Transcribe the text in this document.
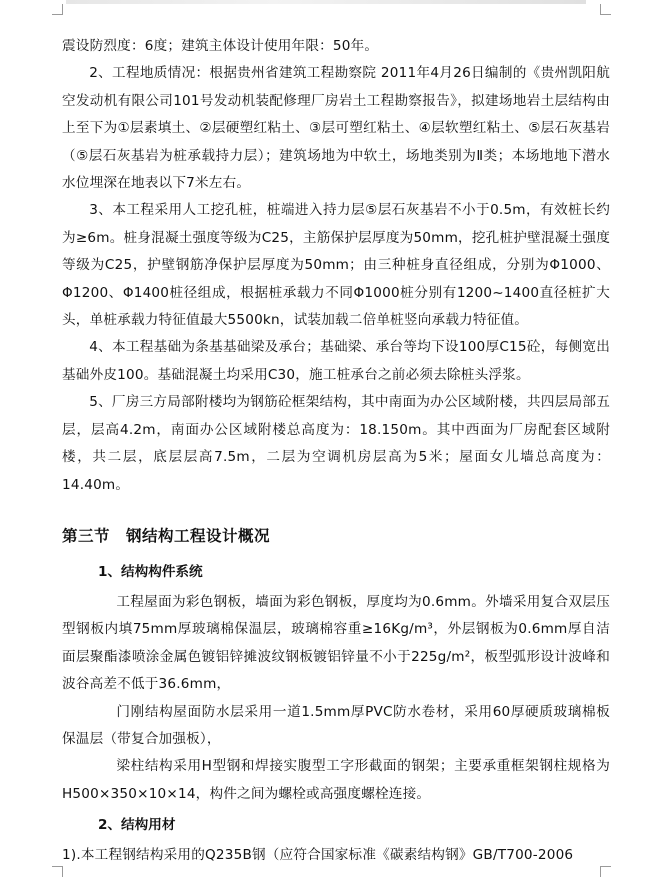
震设防烈度：6度；建筑主体设计使用年限：50年。

2、工程地质情况：根据贵州省建筑工程勘察院 2011年4月26日编制的《贵州凯阳航空发动机有限公司101号发动机装配修理厂房岩土工程勘察报告》，拟建场地岩土层结构由上至下为①层素填土、②层硬塑红粘土、③层可塑红粘土、④层软塑红粘土、⑤层石灰基岩（⑤层石灰基岩为桩承载持力层）；建筑场地为中软土，场地类别为Ⅱ类；本场地地下潜水水位埋深在地表以下7米左右。

3、本工程采用人工挖孔桩，桩端进入持力层⑤层石灰基岩不小于0.5m，有效桩长约为≥6m。桩身混凝土强度等级为C25，主筋保护层厚度为50mm，挖孔桩护壁混凝土强度等级为C25，护壁钢筋净保护层厚度为50mm；由三种桩身直径组成，分别为Φ1000、Φ1200、Φ1400桩径组成，根据桩承载力不同Φ1000桩分别有1200~1400直径桩扩大头，单桩承载力特征值最大5500kn，试装加载二倍单桩竖向承载力特征值。

4、本工程基础为条基基础梁及承台；基础梁、承台等均下设100厚C15砼，每侧宽出基础外皮100。基础混凝土均采用C30，施工桩承台之前必须去除桩头浮浆。

5、厂房三方局部附楼均为钢筋砼框架结构，其中南面为办公区域附楼，共四层局部五层，层高4.2m，南面办公区域附楼总高度为：18.150m。其中西面为厂房配套区域附楼，共二层，底层层高7.5m，二层为空调机房层高为5米；屋面女儿墙总高度为：14.40m。

第三节　钢结构工程设计概况
1、结构构件系统

工程屋面为彩色钢板，墙面为彩色钢板，厚度均为0.6mm。外墙采用复合双层压型钢板内填75mm厚玻璃棉保温层，玻璃棉容重≥16Kg/m³，外层钢板为0.6mm厚自洁面层聚酯漆喷涂金属色镀铝锌摊波纹钢板镀铝锌量不小于225g/m²，板型弧形设计波峰和波谷高差不低于36.6mm，

门刚结构屋面防水层采用一道1.5mm厚PVC防水卷材，采用60厚硬质玻璃棉板保温层（带复合加强板），

梁柱结构采用H型钢和焊接实腹型工字形截面的钢架；主要承重框架钢柱规格为H500×350×10×14，构件之间为螺栓或高强度螺栓连接。

2、结构用材

1).本工程钢结构采用的Q235B钢（应符合国家标准《碳素结构钢》GB/T700-2006
